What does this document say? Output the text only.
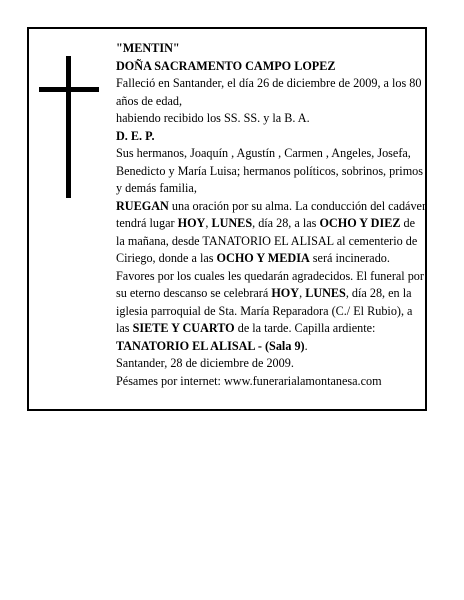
"MENTIN"

DOÑA SACRAMENTO CAMPO LOPEZ

Falleció en Santander, el día 26 de diciembre de 2009, a los 80 años de edad,

habiendo recibido los SS. SS. y la B. A.

D. E. P.

Sus hermanos, Joaquín , Agustín , Carmen , Angeles, Josefa, Benedicto y María Luisa; hermanos políticos, sobrinos, primos y demás familia,

RUEGAN una oración por su alma. La conducción del cadáver tendrá lugar HOY, LUNES, día 28, a las OCHO Y DIEZ de la mañana, desde TANATORIO EL ALISAL al cementerio de Ciriego, donde a las OCHO Y MEDIA será incinerado. Favores por los cuales les quedarán agradecidos. El funeral por su eterno descanso se celebrará HOY, LUNES, día 28, en la iglesia parroquial de Sta. María Reparadora (C./ El Rubio), a las SIETE Y CUARTO de la tarde. Capilla ardiente: TANATORIO EL ALISAL - (Sala 9).

Santander, 28 de diciembre de 2009.

Pésames por internet: www.funerarialamontanesa.com
